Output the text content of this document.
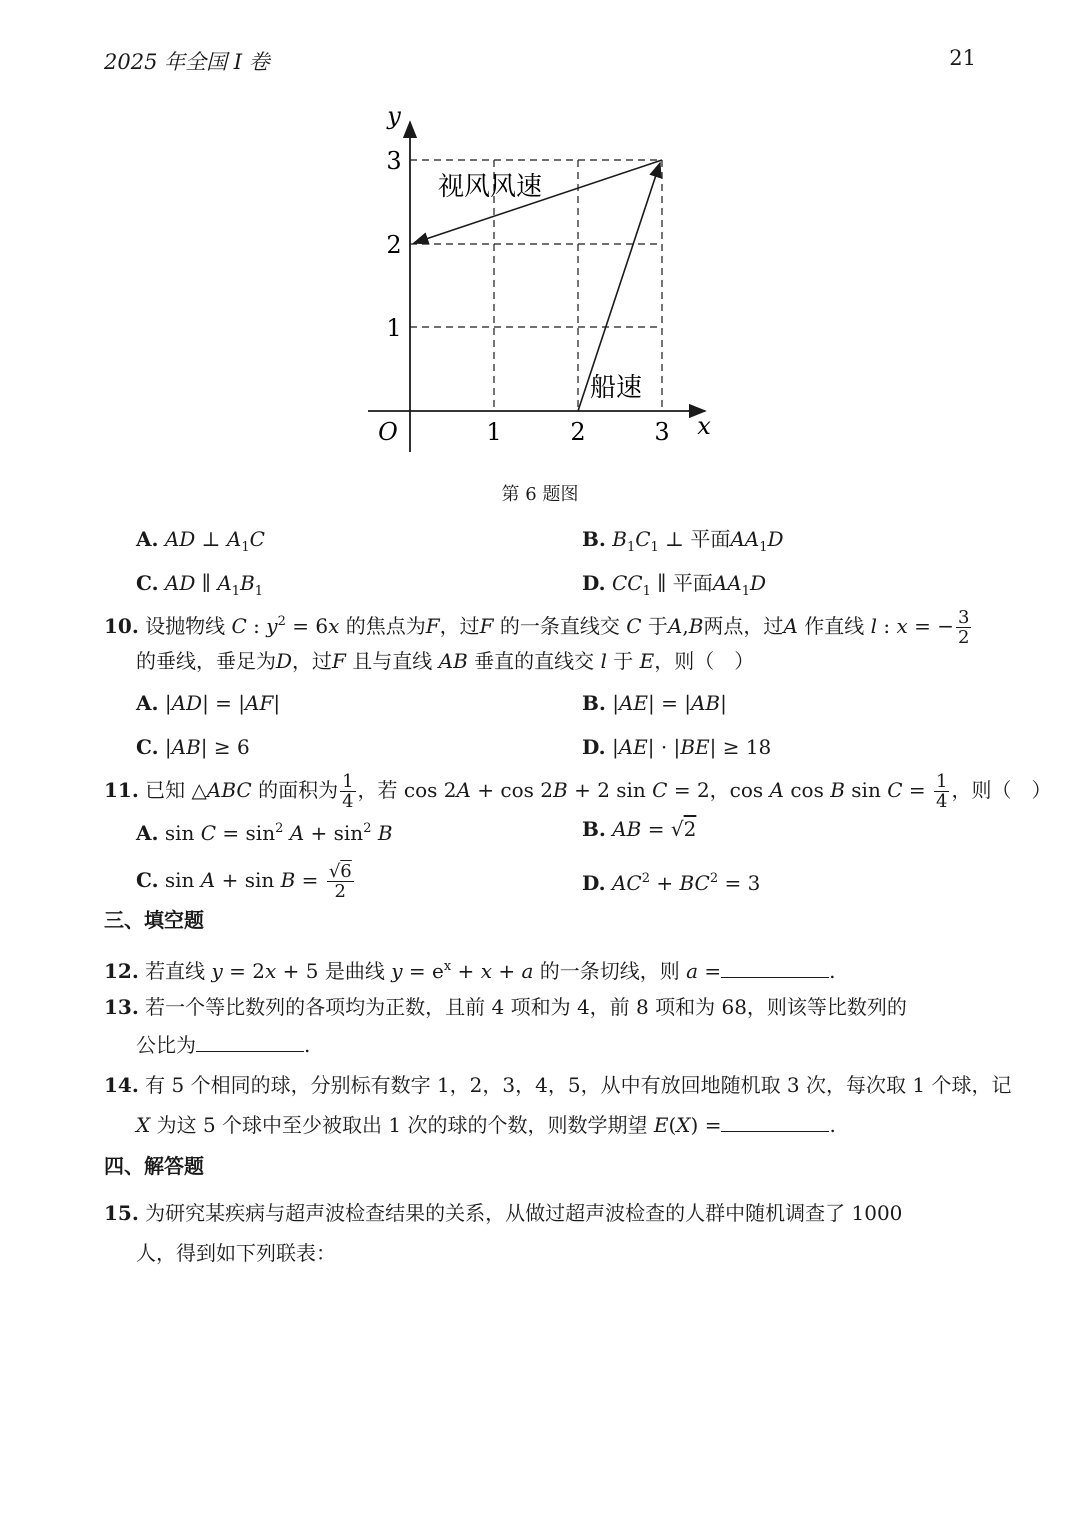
2025 年全国 I 卷	21
y
x
O
3
2
1
1	2	3
视风风速
船速
第 6 题图
A. AD ⊥ $A_1C$	B. $B_1C_1$ ⊥ 平面$AA_1D$
C. AD ∥ $A_1B_1$	D. $CC_1$ ∥ 平面$AA_1D$
10. 设抛物线 C : $y^2 = 6x$ 的焦点为F，过F 的一条直线交 C 于A,B两点，过A 作直线 l : x = − $\frac{3}{2}$
的垂线，垂足为D，过F 且与直线 AB 垂直的直线交 l 于 E，则（　）
A. |AD| = |AF|	B. |AE| = |AB|
C. |AB| ≥ 6	D. |AE| · |BE| ≥ 18
11. 已知 △ABC 的面积为 $\frac{1}{4}$ ，若 cos 2A + cos 2B + 2 sin C = 2，cos A cos B $\sin C = \frac{1}{4}$ ，则（　）
A. $\sin C = \sin^2 A + \sin^2 B$	B. AB = √2
C. $\sin A + \sin B = \frac{√6}{2}$	D. $AC^2 + BC^2 = 3$
三、填空题
12. 若直线 y = 2x + 5 是曲线 $y = e^x + x + a$ 的一条切线，则 a =	.
13. 若一个等比数列的各项均为正数，且前 4 项和为 4，前 8 项和为 68，则该等比数列的
公比为	.
14. 有 5 个相同的球，分别标有数字 1，2，3，4，5，从中有放回地随机取 3 次，每次取 1 个球，记
X 为这 5 个球中至少被取出 1 次的球的个数，则数学期望 E(X) =	.
四、解答题
15. 为研究某疾病与超声波检查结果的关系，从做过超声波检查的人群中随机调查了 1000
人，得到如下列联表：
